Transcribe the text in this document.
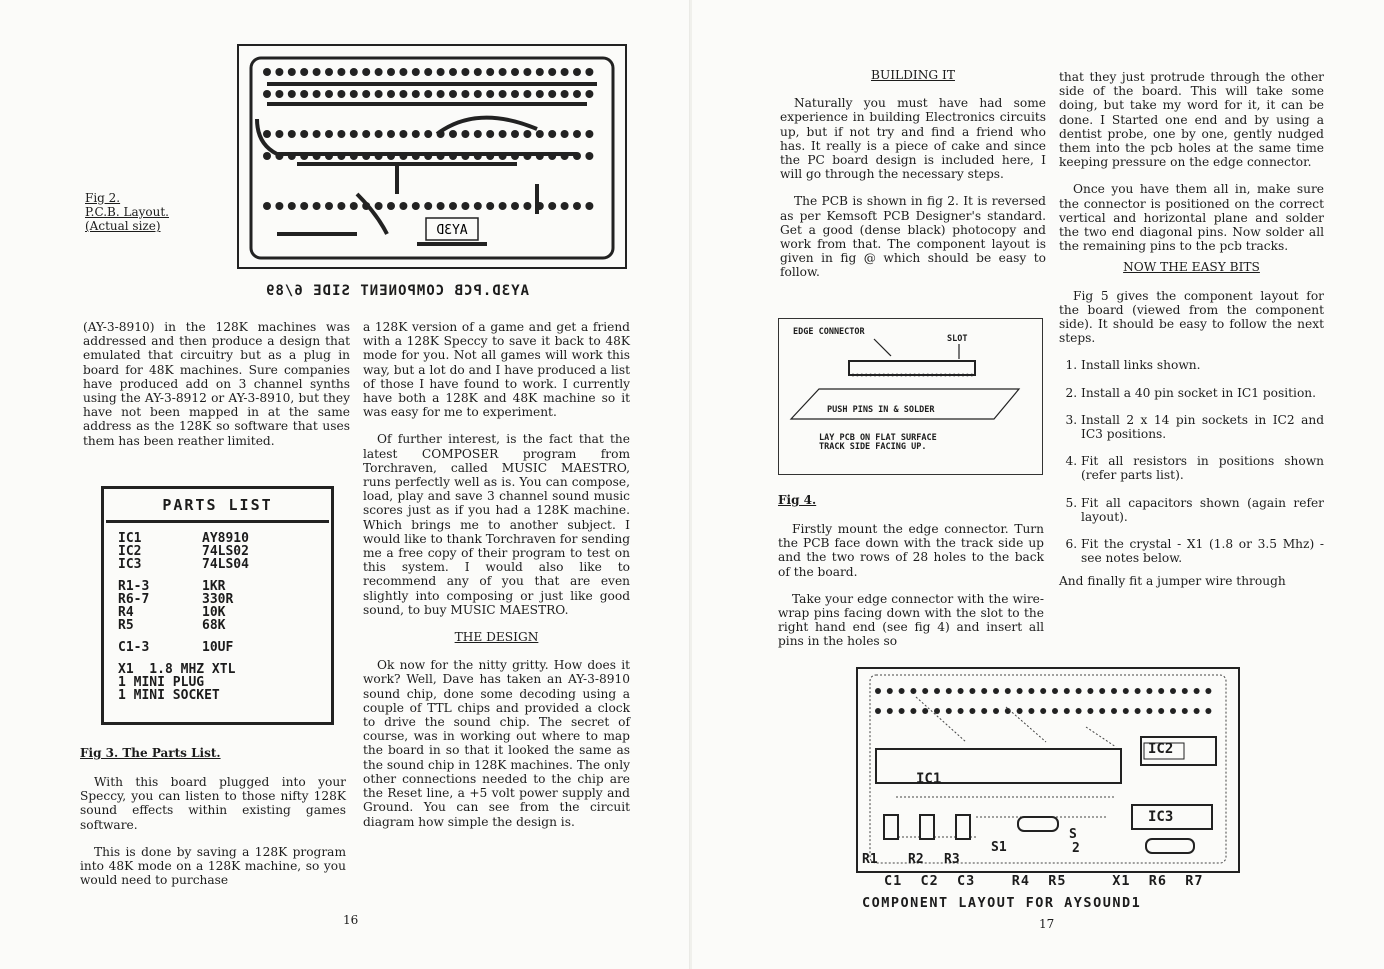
AY3D
AY3D.PCB COMPONENT SIDE 6/89
Fig 2.
P.C.B. Layout.
(Actual size)

(AY-3-8910) in the 128K machines was addressed and then produce a design that emulated that circuitry but as a plug in board for 48K machines. Sure companies have produced add on 3 channel synths using the AY-3-8912 or AY-3-8910, but they have not been mapped in at the same address as the 128K so software that uses them has been reather limited.

PARTS LIST
IC1	AY8910
IC2	74LS02
IC3	74LS04
R1-3	1KR
R6-7	330R
R4	10K
R5	68K
C1-3	10UF
X1  1.8 MHZ XTL
1 MINI PLUG
1 MINI SOCKET
Fig 3. The Parts List.

With this board plugged into your Speccy, you can listen to those nifty 128K sound effects within existing games software.

This is done by saving a 128K program into 48K mode on a 128K machine, so you would need to purchase

a 128K version of a game and get a friend with a 128K Speccy to save it back to 48K mode for you. Not all games will work this way, but a lot do and I have produced a list of those I have found to work. I currently have both a 128K and 48K machine so it was easy for me to experiment.

Of further interest, is the fact that the latest COMPOSER program from Torchraven, called MUSIC MAESTRO, runs perfectly well as is. You can compose, load, play and save 3 channel sound music scores just as if you had a 128K machine. Which brings me to another subject. I would like to thank Torchraven for sending me a free copy of their program to test on this system. I would also like to recommend any of you that are even slightly into composing or just like good sound, to buy MUSIC MAESTRO.

THE DESIGN

Ok now for the nitty gritty. How does it work? Well, Dave has taken an AY-3-8910 sound chip, done some decoding using a couple of TTL chips and provided a clock to drive the sound chip. The secret of course, was in working out where to map the board in so that it looked the same as the sound chip in 128K machines. The only other connections needed to the chip are the Reset line, a +5 volt power supply and Ground. You can see from the circuit diagram how simple the design is.

16
BUILDING IT

Naturally you must have had some experience in building Electronics circuits up, but if not try and find a friend who has. It really is a piece of cake and since the PC board design is included here, I will go through the necessary steps.

The PCB is shown in fig 2. It is reversed as per Kemsoft PCB Designer's standard. Get a good (dense black) photocopy and work from that. The component layout is given in fig @ which should be easy to follow.

Fig 4.

Firstly mount the edge connector. Turn the PCB face down with the track side up and the two rows of 28 holes to the back of the board.

Take your edge connector with the wire-wrap pins facing down with the slot to the right hand end (see fig 4) and insert all pins in the holes so

that they just protrude through the other side of the board. This will take some doing, but take my word for it, it can be done. I Started one end and by using a dentist probe, one by one, gently nudged them into the pcb holes at the same time keeping pressure on the edge connector.

Once you have them all in, make sure the connector is positioned on the correct vertical and horizontal plane and solder the two end diagonal pins. Now solder all the remaining pins to the pcb tracks.

NOW THE EASY BITS

Fig 5 gives the component layout for the board (viewed from the component side). It should be easy to follow the next steps.

1. Install links shown.
2. Install a 40 pin socket in IC1 position.
3. Install 2 x 14 pin sockets in IC2 and IC3 positions.
4. Fit all resistors in positions shown (refer parts list).
5. Fit all capacitors shown (again refer layout).
6. Fit the crystal - X1 (1.8 or 3.5 Mhz) - see notes below.

And finally fit a jumper wire through

17
EDGE CONNECTOR
SLOT
PUSH PINS IN & SOLDER
LAY PCB ON FLAT SURFACE
TRACK SIDE FACING UP.
IC1
IC2
IC3
R1 R2 R3
S1
S
2
C1  C2  C3    R4  R5     X1  R6  R7
COMPONENT LAYOUT FOR AYSOUND1
